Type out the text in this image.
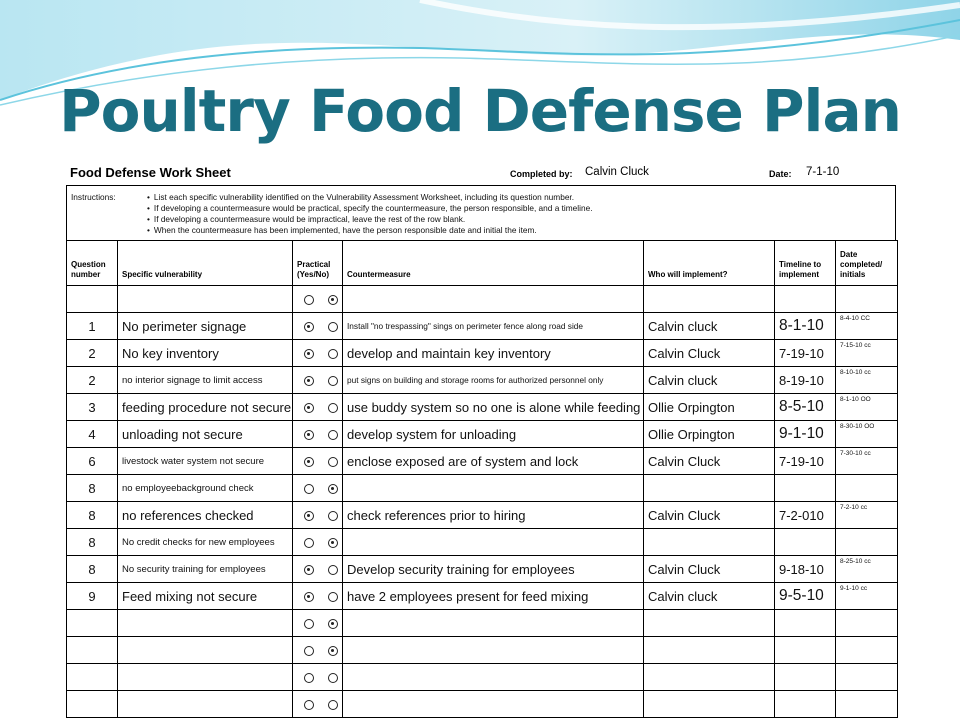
Poultry Food Defense Plan
Food Defense Work Sheet	Completed by: Calvin Cluck	Date: 7-1-10
Instructions:	• List each specific vulnerability identified on the Vulnerability Assessment Worksheet, including its question number.
• If developing a countermeasure would be practical, specify the countermeasure, the person responsible, and a timeline.
• If developing a countermeasure would be impractical, leave the rest of the row blank.
• When the countermeasure has been implemented, have the person responsible date and initial the item.
Question number	Specific vulnerability	Practical (Yes/No)	Countermeasure	Who will implement?	Timeline to implement	Date completed/ initials

1	No perimeter signage		Install "no trespassing" sings on perimeter fence along road side	Calvin cluck	8-1-10	8-4-10 CC
2	No key inventory		develop and maintain key inventory	Calvin Cluck	7-19-10	7-15-10 cc
2	no interior signage to limit access		put signs on building and storage rooms for authorized personnel only	Calvin cluck	8-19-10	8-10-10 cc
3	feeding procedure not secure		use buddy system so no one is alone while feeding	Ollie Orpington	8-5-10	8-1-10 OO
4	unloading not secure		develop system for unloading	Ollie Orpington	9-1-10	8-30-10 OO
6	livestock water system not secure		enclose exposed are of system and lock	Calvin Cluck	7-19-10	7-30-10 cc
8	no employeebackground check					
8	no references checked		check references prior to hiring	Calvin Cluck	7-2-010	7-2-10 cc
8	No credit checks for new employees					
8	No security training for employees		Develop security training for employees	Calvin Cluck	9-18-10	8-25-10 cc
9	Feed mixing not secure		have 2 employees present for feed mixing	Calvin cluck	9-5-10	9-1-10 cc
